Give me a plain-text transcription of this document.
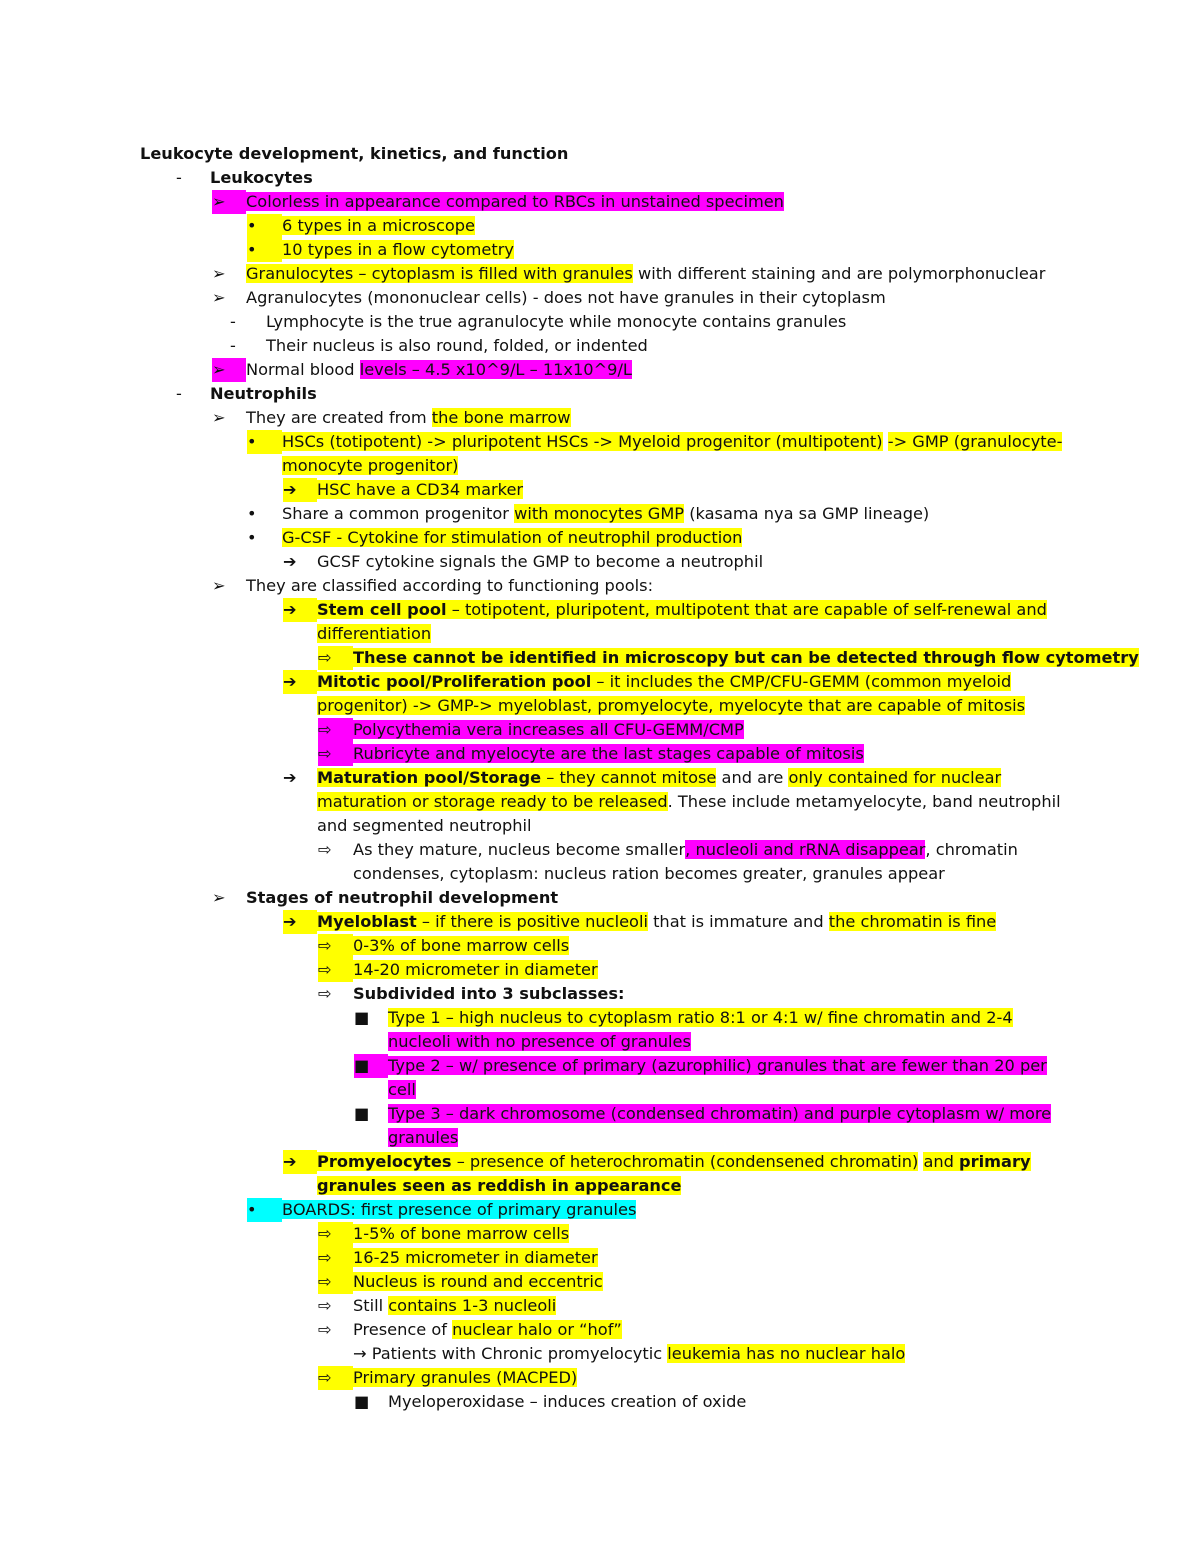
Leukocyte development, kinetics, and function
- Leukocytes
➢ Colorless in appearance compared to RBCs in unstained specimen
• 6 types in a microscope
• 10 types in a flow cytometry
➢ Granulocytes – cytoplasm is filled with granules with different staining and are polymorphonuclear
➢ Agranulocytes (mononuclear cells) - does not have granules in their cytoplasm
- Lymphocyte is the true agranulocyte while monocyte contains granules
- Their nucleus is also round, folded, or indented
➢ Normal blood levels – 4.5 x10^9/L – 11x10^9/L
- Neutrophils
➢ They are created from the bone marrow
• HSCs (totipotent) -> pluripotent HSCs -> Myeloid progenitor (multipotent) -> GMP (granulocyte-
monocyte progenitor)
➔ HSC have a CD34 marker
• Share a common progenitor with monocytes GMP (kasama nya sa GMP lineage)
• G-CSF - Cytokine for stimulation of neutrophil production
➔ GCSF cytokine signals the GMP to become a neutrophil
➢ They are classified according to functioning pools:
➔ Stem cell pool – totipotent, pluripotent, multipotent that are capable of self-renewal and
differentiation
⇨ These cannot be identified in microscopy but can be detected through flow cytometry
➔ Mitotic pool/Proliferation pool – it includes the CMP/CFU-GEMM (common myeloid
progenitor) -> GMP-> myeloblast, promyelocyte, myelocyte that are capable of mitosis
⇨ Polycythemia vera increases all CFU-GEMM/CMP
⇨ Rubricyte and myelocyte are the last stages capable of mitosis
➔ Maturation pool/Storage – they cannot mitose and are only contained for nuclear
maturation or storage ready to be released. These include metamyelocyte, band neutrophil
and segmented neutrophil
⇨ As they mature, nucleus become smaller, nucleoli and rRNA disappear, chromatin
condenses, cytoplasm: nucleus ration becomes greater, granules appear
➢ Stages of neutrophil development
➔ Myeloblast – if there is positive nucleoli that is immature and the chromatin is fine
⇨ 0-3% of bone marrow cells
⇨ 14-20 micrometer in diameter
⇨ Subdivided into 3 subclasses:
■ Type 1 – high nucleus to cytoplasm ratio 8:1 or 4:1 w/ fine chromatin and 2-4
nucleoli with no presence of granules
■ Type 2 – w/ presence of primary (azurophilic) granules that are fewer than 20 per
cell
■ Type 3 – dark chromosome (condensed chromatin) and purple cytoplasm w/ more
granules
➔ Promyelocytes – presence of heterochromatin (condensened chromatin) and primary
granules seen as reddish in appearance
• BOARDS: first presence of primary granules
⇨ 1-5% of bone marrow cells
⇨ 16-25 micrometer in diameter
⇨ Nucleus is round and eccentric
⇨ Still contains 1-3 nucleoli
⇨ Presence of nuclear halo or “hof”
→ Patients with Chronic promyelocytic leukemia has no nuclear halo
⇨ Primary granules (MACPED)
■ Myeloperoxidase – induces creation of oxide
